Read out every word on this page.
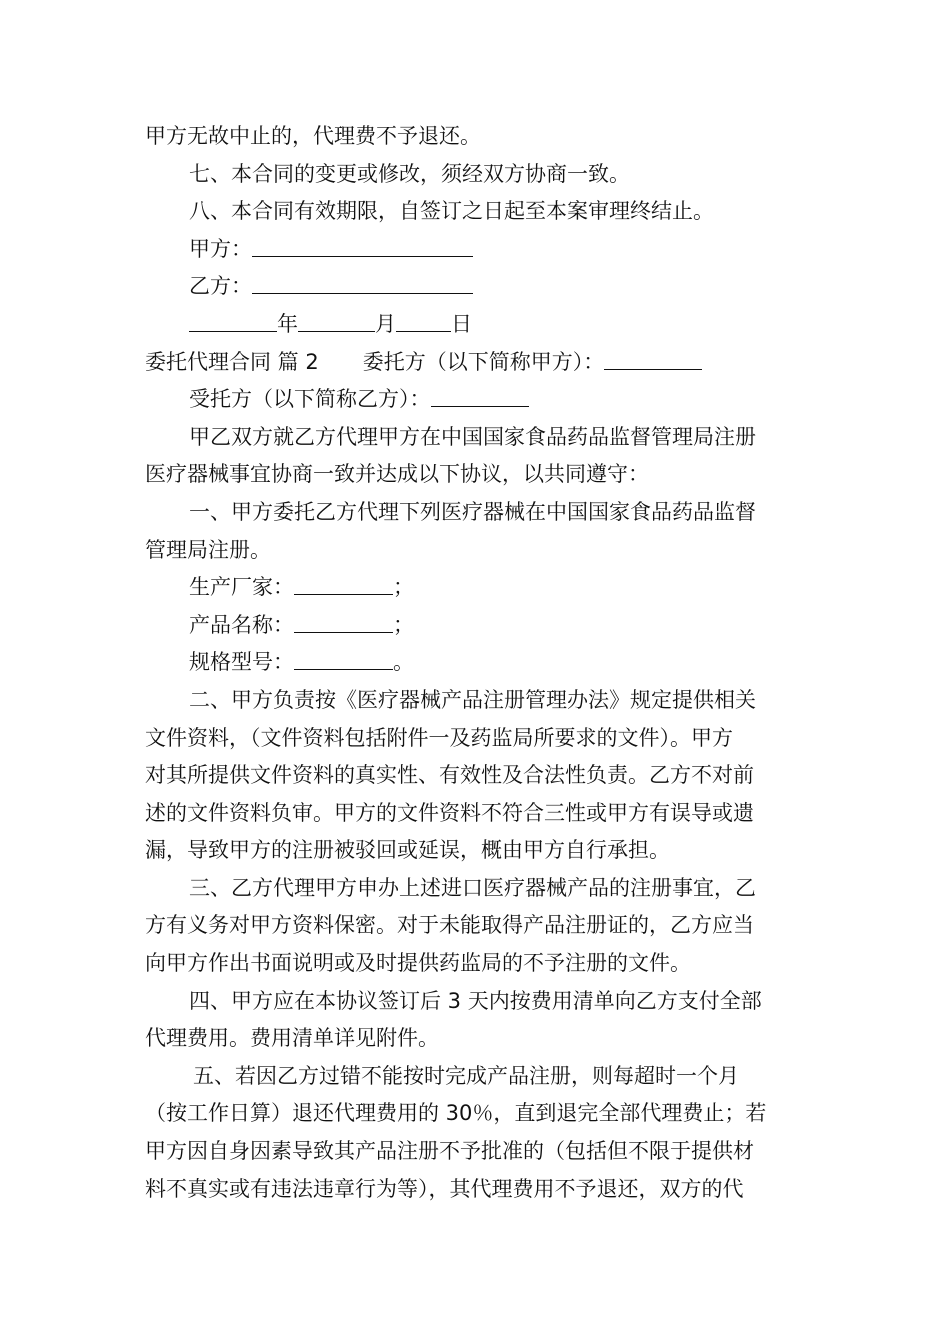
甲方无故中止的，代理费不予退还。
七、本合同的变更或修改，须经双方协商一致。
八、本合同有效期限，自签订之日起至本案审理终结止。
甲方：
乙方：
年	月	日
委托代理合同 篇 2 委托方（以下简称甲方）：
受托方（以下简称乙方）：
甲乙双方就乙方代理甲方在中国国家食品药品监督管理局注册
医疗器械事宜协商一致并达成以下协议，以共同遵守：
一、甲方委托乙方代理下列医疗器械在中国国家食品药品监督
管理局注册。
生产厂家：	；
产品名称：	；
规格型号：	。
二、甲方负责按《医疗器械产品注册管理办法》规定提供相关
文件资料，（文件资料包括附件一及药监局所要求的文件）。甲方
对其所提供文件资料的真实性、有效性及合法性负责。乙方不对前
述的文件资料负审。甲方的文件资料不符合三性或甲方有误导或遗
漏，导致甲方的注册被驳回或延误，概由甲方自行承担。
三、乙方代理甲方申办上述进口医疗器械产品的注册事宜，乙
方有义务对甲方资料保密。对于未能取得产品注册证的，乙方应当
向甲方作出书面说明或及时提供药监局的不予注册的文件。
四、甲方应在本协议签订后 3 天内按费用清单向乙方支付全部
代理费用。费用清单详见附件。
五、若因乙方过错不能按时完成产品注册，则每超时一个月
（按工作日算）退还代理费用的 30％，直到退完全部代理费止；若
甲方因自身因素导致其产品注册不予批准的（包括但不限于提供材
料不真实或有违法违章行为等），其代理费用不予退还，双方的代
